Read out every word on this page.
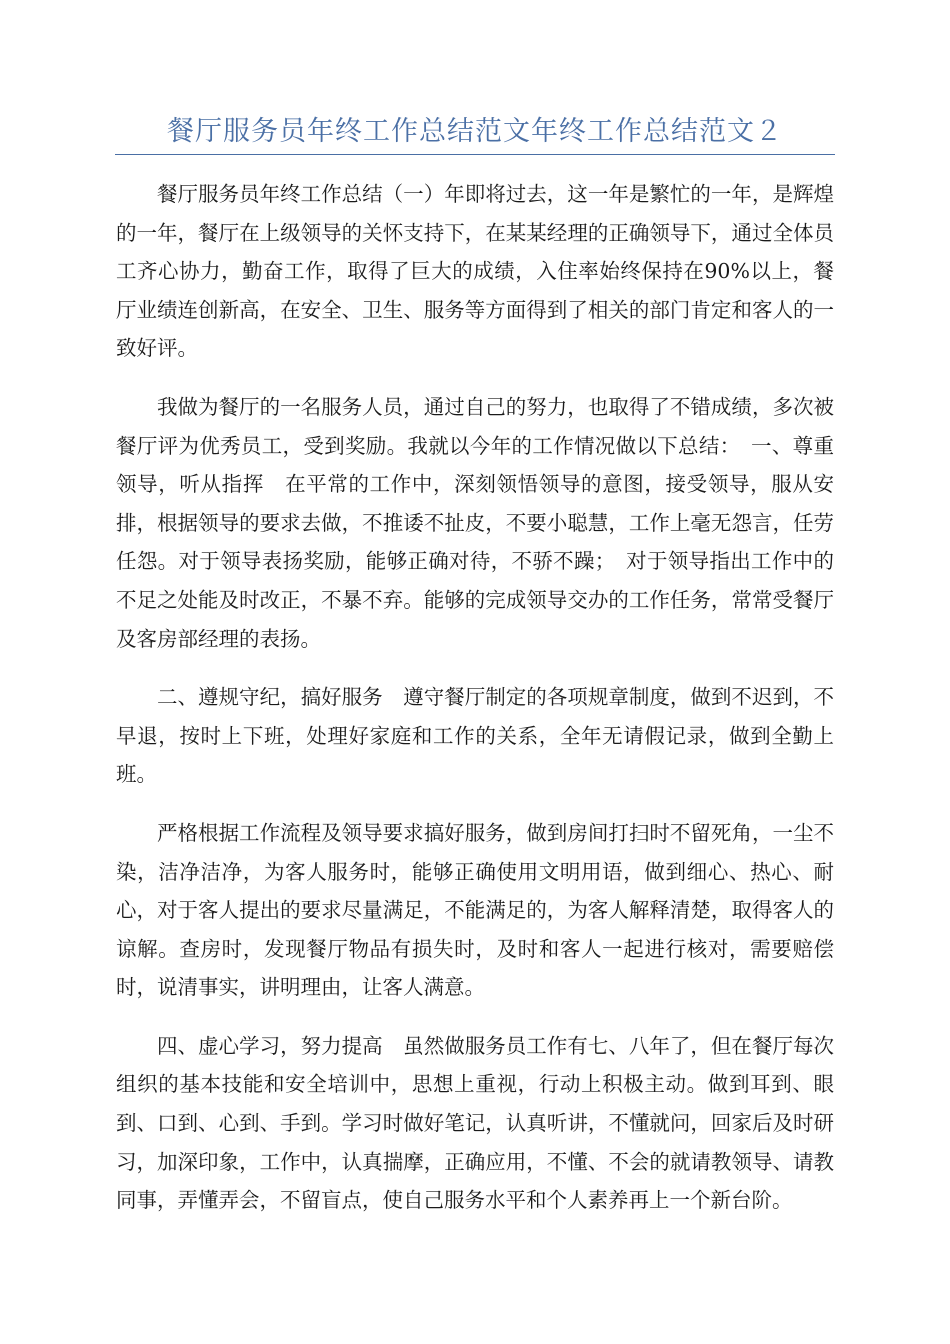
餐厅服务员年终工作总结范文年终工作总结范文２

餐厅服务员年终工作总结（一）年即将过去，这一年是繁忙的一年，是辉煌的一年，餐厅在上级领导的关怀支持下，在某某经理的正确领导下，通过全体员工齐心协力，勤奋工作，取得了巨大的成绩，入住率始终保持在90%以上，餐厅业绩连创新高，在安全、卫生、服务等方面得到了相关的部门肯定和客人的一致好评。

我做为餐厅的一名服务人员，通过自己的努力，也取得了不错成绩，多次被餐厅评为优秀员工，受到奖励。我就以今年的工作情况做以下总结：　一、尊重领导，听从指挥　在平常的工作中，深刻领悟领导的意图，接受领导，服从安排，根据领导的要求去做，不推诿不扯皮，不要小聪慧，工作上毫无怨言，任劳任怨。对于领导表扬奖励，能够正确对待，不骄不躁；　对于领导指出工作中的不足之处能及时改正，不暴不弃。能够的完成领导交办的工作任务，常常受餐厅及客房部经理的表扬。

二、遵规守纪，搞好服务　遵守餐厅制定的各项规章制度，做到不迟到，不早退，按时上下班，处理好家庭和工作的关系，全年无请假记录，做到全勤上班。

严格根据工作流程及领导要求搞好服务，做到房间打扫时不留死角，一尘不染，洁净洁净，为客人服务时，能够正确使用文明用语，做到细心、热心、耐心，对于客人提出的要求尽量满足，不能满足的，为客人解释清楚，取得客人的谅解。查房时，发现餐厅物品有损失时，及时和客人一起进行核对，需要赔偿时，说清事实，讲明理由，让客人满意。

四、虚心学习，努力提高　虽然做服务员工作有七、八年了，但在餐厅每次组织的基本技能和安全培训中，思想上重视，行动上积极主动。做到耳到、眼到、口到、心到、手到。学习时做好笔记，认真听讲，不懂就问，回家后及时研习，加深印象，工作中，认真揣摩，正确应用，不懂、不会的就请教领导、请教同事，弄懂弄会，不留盲点，使自己服务水平和个人素养再上一个新台阶。
